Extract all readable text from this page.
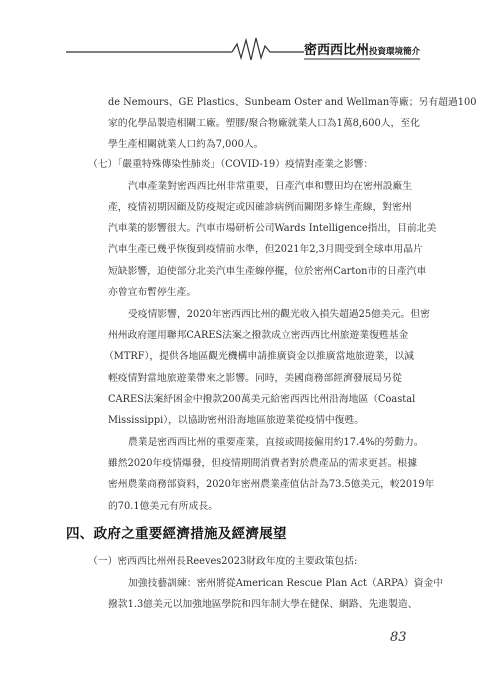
密西西比州投資環境簡介
de Nemours、GE Plastics、Sunbeam Oster and Wellman等廠；另有超過100
家的化學品製造相關工廠。塑膠/聚合物廠就業人口為1萬8,600人，至化
學生產相關就業人口約為7,000人。
（七）「嚴重特殊傳染性肺炎」（COVID-19）疫情對產業之影響：
汽車產業對密西西比州非常重要，日產汽車和豐田均在密州設廠生
產，疫情初期因顧及防疫規定或因確診病例而關閉多條生產線，對密州
汽車業的影響很大。汽車市場研析公司Wards Intelligence指出，目前北美
汽車生產已幾乎恢復到疫情前水準，但2021年2,3月間受到全球車用晶片
短缺影響，迫使部分北美汽車生產線停擺，位於密州Carton市的日產汽車
亦曾宣布暫停生產。
受疫情影響，2020年密西西比州的觀光收入損失超過25億美元。但密
州州政府運用聯邦CARES法案之撥款成立密西西比州旅遊業復甦基金
（MTRF），提供各地區觀光機構申請推廣資金以推廣當地旅遊業，以減
輕疫情對當地旅遊業帶來之影響。同時，美國商務部經濟發展局另從
CARES法案紓困金中撥款200萬美元給密西西比州沿海地區（Coastal
Mississippi），以協助密州沿海地區旅遊業從疫情中復甦。
農業是密西西比州的重要產業，直接或間接僱用約17.4%的勞動力。
雖然2020年疫情爆發，但疫情期間消費者對於農產品的需求更甚。根據
密州農業商務部資料，2020年密州農業產值估計為73.5億美元，較2019年
的70.1億美元有所成長。
四、政府之重要經濟措施及經濟展望
（一）密西西比州州長Reeves2023財政年度的主要政策包括:
加強技藝訓練：密州將從American Rescue Plan Act（ARPA）資金中
撥款1.3億美元以加強地區學院和四年制大學在健保、網路、先進製造、
83
